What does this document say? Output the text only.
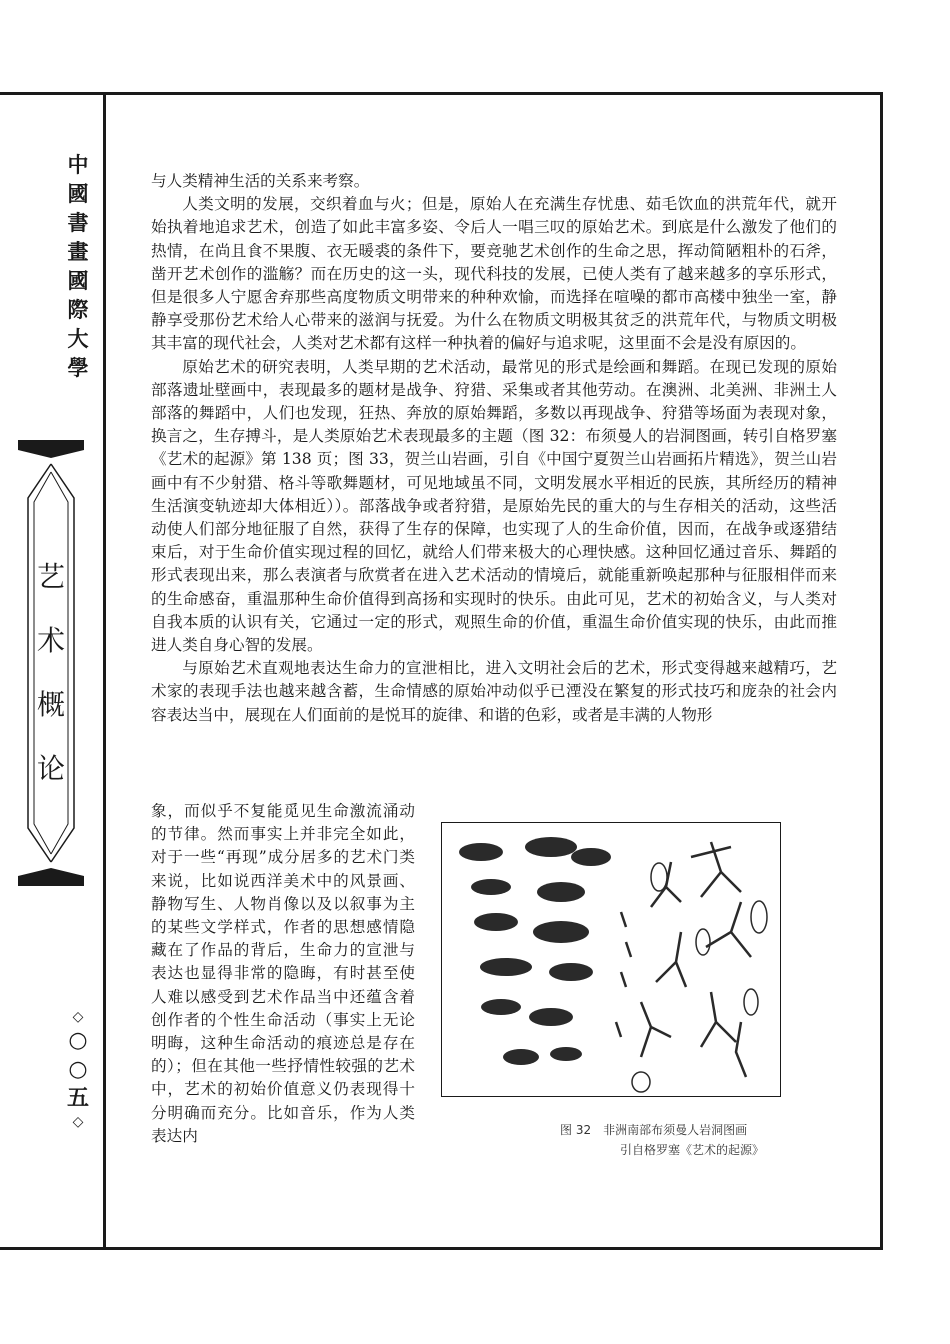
中
國
書
畫
國
際
大
學
艺
术
概
论
◇
○
○
五
◇

与人类精神生活的关系来考察。

人类文明的发展，交织着血与火；但是，原始人在充满生存忧患、茹毛饮血的洪荒年代，就开始执着地追求艺术，创造了如此丰富多姿、令后人一唱三叹的原始艺术。到底是什么激发了他们的热情，在尚且食不果腹、衣无暖裘的条件下，要竞驰艺术创作的生命之思，挥动简陋粗朴的石斧，凿开艺术创作的滥觞？而在历史的这一头，现代科技的发展，已使人类有了越来越多的享乐形式，但是很多人宁愿舍弃那些高度物质文明带来的种种欢愉，而选择在喧噪的都市高楼中独坐一室，静静享受那份艺术给人心带来的滋润与抚爱。为什么在物质文明极其贫乏的洪荒年代，与物质文明极其丰富的现代社会，人类对艺术都有这样一种执着的偏好与追求呢，这里面不会是没有原因的。

原始艺术的研究表明，人类早期的艺术活动，最常见的形式是绘画和舞蹈。在现已发现的原始部落遗址壁画中，表现最多的题材是战争、狩猎、采集或者其他劳动。在澳洲、北美洲、非洲土人部落的舞蹈中，人们也发现，狂热、奔放的原始舞蹈，多数以再现战争、狩猎等场面为表现对象，换言之，生存搏斗，是人类原始艺术表现最多的主题（图 32：布须曼人的岩洞图画，转引自格罗塞《艺术的起源》第 138 页；图 33，贺兰山岩画，引自《中国宁夏贺兰山岩画拓片精选》，贺兰山岩画中有不少射猎、格斗等歌舞题材，可见地域虽不同，文明发展水平相近的民族，其所经历的精神生活演变轨迹却大体相近））。部落战争或者狩猎，是原始先民的重大的与生存相关的活动，这些活动使人们部分地征服了自然，获得了生存的保障，也实现了人的生命价值，因而，在战争或逐猎结束后，对于生命价值实现过程的回忆，就给人们带来极大的心理快感。这种回忆通过音乐、舞蹈的形式表现出来，那么表演者与欣赏者在进入艺术活动的情境后，就能重新唤起那种与征服相伴而来的生命感奋，重温那种生命价值得到高扬和实现时的快乐。由此可见，艺术的初始含义，与人类对自我本质的认识有关，它通过一定的形式，观照生命的价值，重温生命价值实现的快乐，由此而推进人类自身心智的发展。

与原始艺术直观地表达生命力的宣泄相比，进入文明社会后的艺术，形式变得越来越精巧，艺术家的表现手法也越来越含蓄，生命情感的原始冲动似乎已湮没在繁复的形式技巧和庞杂的社会内容表达当中，展现在人们面前的是悦耳的旋律、和谐的色彩，或者是丰满的人物形

象，而似乎不复能觅见生命激流涌动的节律。然而事实上并非完全如此，对于一些“再现”成分居多的艺术门类来说，比如说西洋美术中的风景画、静物写生、人物肖像以及以叙事为主的某些文学样式，作者的思想感情隐藏在了作品的背后，生命力的宣泄与表达也显得非常的隐晦，有时甚至使人难以感受到艺术作品当中还蕴含着创作者的个性生命活动（事实上无论明晦，这种生命活动的痕迹总是存在的）；但在其他一些抒情性较强的艺术中，艺术的初始价值意义仍表现得十分明确而充分。比如音乐，作为人类表达内	图 32　非洲南部布须曼人岩洞图画
引自格罗塞《艺术的起源》
